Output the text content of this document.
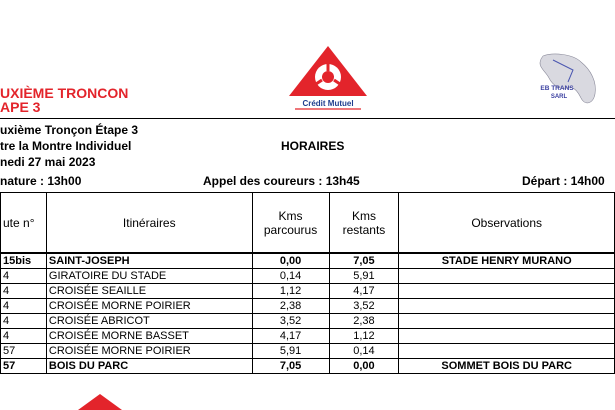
UXIÈME TRONCON
APE 3	Crédit Mutuel
EB TRANS
SARL
uxième Tronçon Étape 3
tre la Montre Individuel
nedi 27 mai 2023
HORAIRES
nature : 13h00	Appel des coureurs : 13h45	Départ : 14h00
ute n°	Itinéraires	Kms parcourus	Kms restants	Observations
15bis	SAINT-JOSEPH	0,00	7,05	STADE HENRY MURANO
4	GIRATOIRE DU STADE	0,14	5,91	
4	CROISÉE SEAILLE	1,12	4,17	
4	CROISÉE MORNE POIRIER	2,38	3,52	
4	CROISÉE ABRICOT	3,52	2,38	
4	CROISÉE MORNE BASSET	4,17	1,12	
57	CROISÉE MORNE POIRIER	5,91	0,14	
57	BOIS DU PARC	7,05	0,00	SOMMET BOIS DU PARC
